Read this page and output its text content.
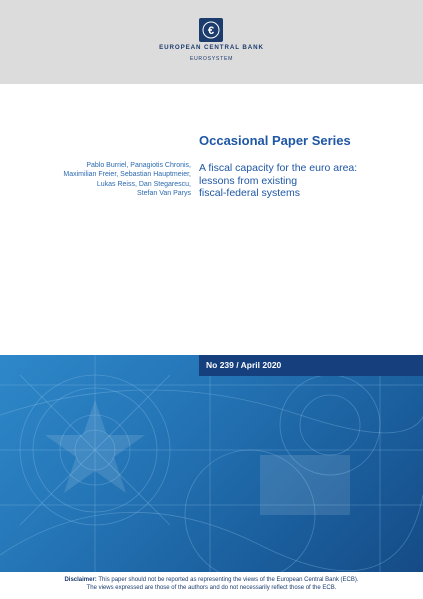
€
EUROPEAN CENTRAL BANK
EUROSYSTEM
Occasional Paper Series
Pablo Burriel, Panagiotis Chronis,
Maximilian Freier, Sebastian Hauptmeier,
Lukas Reiss, Dan Stegarescu,
Stefan Van Parys
A fiscal capacity for the euro area:
lessons from existing
fiscal-federal systems
No 239 / April 2020
Disclaimer: This paper should not be reported as representing the views of the European Central Bank (ECB).
The views expressed are those of the authors and do not necessarily reflect those of the ECB.
